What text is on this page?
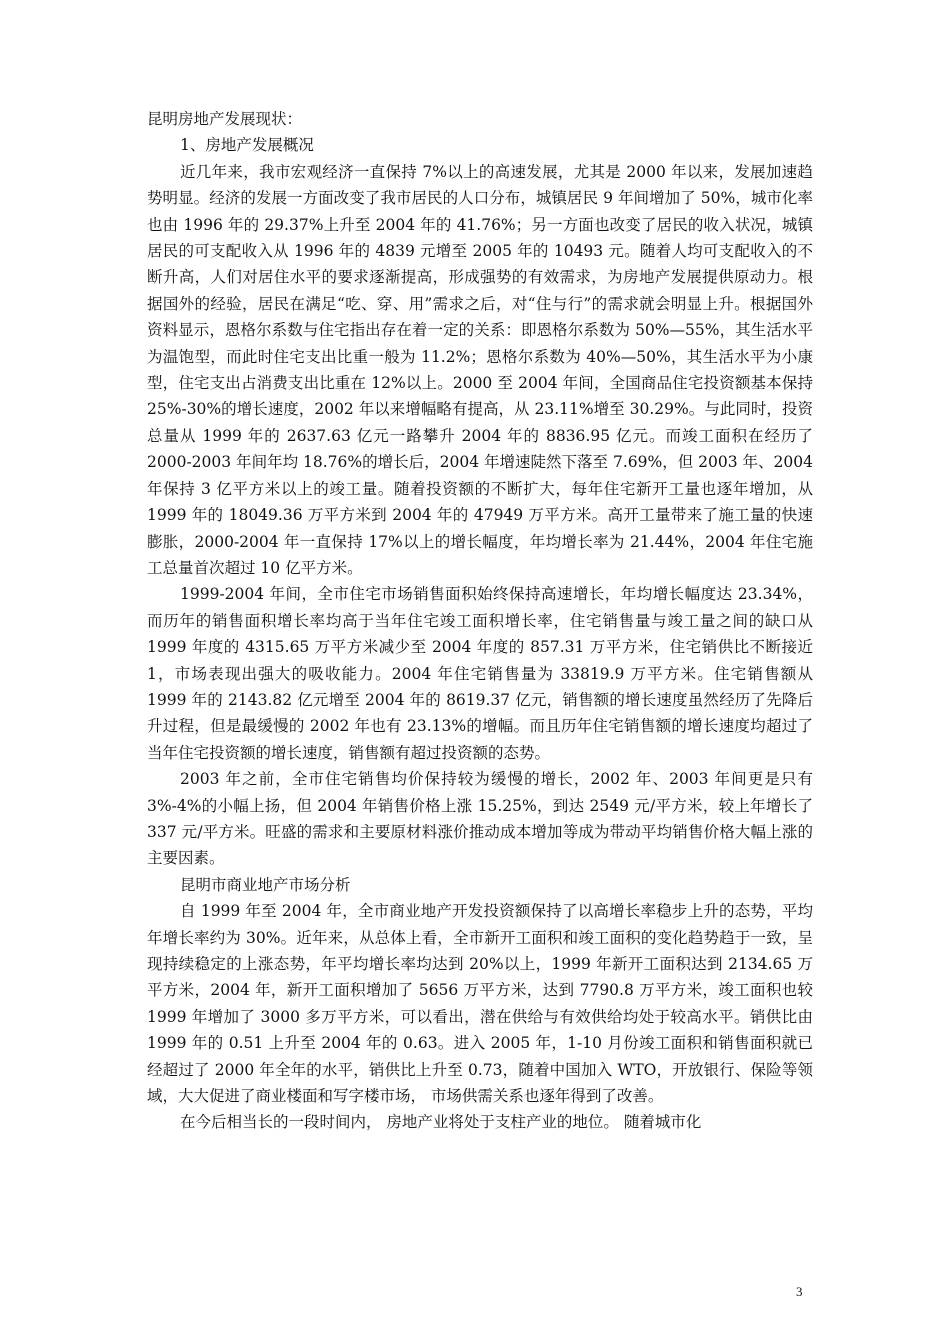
昆明房地产发展现状：

1、房地产发展概况

近几年来，我市宏观经济一直保持 7%以上的高速发展，尤其是 2000 年以来，发展加速趋势明显。经济的发展一方面改变了我市居民的人口分布，城镇居民 9 年间增加了 50%，城市化率也由 1996 年的 29.37%上升至 2004 年的 41.76%；另一方面也改变了居民的收入状况，城镇居民的可支配收入从 1996 年的 4839 元增至 2005 年的 10493 元。随着人均可支配收入的不断升高，人们对居住水平的要求逐渐提高，形成强势的有效需求，为房地产发展提供原动力。根据国外的经验，居民在满足“吃、穿、用”需求之后，对“住与行”的需求就会明显上升。根据国外资料显示，恩格尔系数与住宅指出存在着一定的关系：即恩格尔系数为 50%—55%，其生活水平为温饱型，而此时住宅支出比重一般为 11.2%；恩格尔系数为 40%—50%，其生活水平为小康型，住宅支出占消费支出比重在 12%以上。2000 至 2004 年间，全国商品住宅投资额基本保持 25%-30%的增长速度，2002 年以来增幅略有提高，从 23.11%增至 30.29%。与此同时，投资总量从 1999 年的 2637.63 亿元一路攀升 2004 年的 8836.95 亿元。而竣工面积在经历了 2000-2003 年间年均 18.76%的增长后，2004 年增速陡然下落至 7.69%，但 2003 年、2004 年保持 3 亿平方米以上的竣工量。随着投资额的不断扩大，每年住宅新开工量也逐年增加，从 1999 年的 18049.36 万平方米到 2004 年的 47949 万平方米。高开工量带来了施工量的快速膨胀，2000-2004 年一直保持 17%以上的增长幅度，年均增长率为 21.44%，2004 年住宅施工总量首次超过 10 亿平方米。

1999-2004 年间，全市住宅市场销售面积始终保持高速增长，年均增长幅度达 23.34%，而历年的销售面积增长率均高于当年住宅竣工面积增长率，住宅销售量与竣工量之间的缺口从 1999 年度的 4315.65 万平方米减少至 2004 年度的 857.31 万平方米，住宅销供比不断接近 1，市场表现出强大的吸收能力。2004 年住宅销售量为 33819.9 万平方米。住宅销售额从 1999 年的 2143.82 亿元增至 2004 年的 8619.37 亿元，销售额的增长速度虽然经历了先降后升过程，但是最缓慢的 2002 年也有 23.13%的增幅。而且历年住宅销售额的增长速度均超过了当年住宅投资额的增长速度，销售额有超过投资额的态势。

2003 年之前，全市住宅销售均价保持较为缓慢的增长，2002 年、2003 年间更是只有 3%-4%的小幅上扬，但 2004 年销售价格上涨 15.25%，到达 2549 元/平方米，较上年增长了 337 元/平方米。旺盛的需求和主要原材料涨价推动成本增加等成为带动平均销售价格大幅上涨的主要因素。

昆明市商业地产市场分析

自 1999 年至 2004 年，全市商业地产开发投资额保持了以高增长率稳步上升的态势，平均年增长率约为 30%。近年来，从总体上看，全市新开工面积和竣工面积的变化趋势趋于一致，呈现持续稳定的上涨态势，年平均增长率均达到 20%以上，1999 年新开工面积达到 2134.65 万平方米，2004 年，新开工面积增加了 5656 万平方米，达到 7790.8 万平方米，竣工面积也较 1999 年增加了 3000 多万平方米，可以看出，潜在供给与有效供给均处于较高水平。销供比由 1999 年的 0.51 上升至 2004 年的 0.63。进入 2005 年，1-10 月份竣工面积和销售面积就已经超过了 2000 年全年的水平，销供比上升至 0.73，随着中国加入 WTO，开放银行、保险等领域，大大促进了商业楼面和写字楼市场， 市场供需关系也逐年得到了改善。

在今后相当长的一段时间内， 房地产业将处于支柱产业的地位。 随着城市化

3
